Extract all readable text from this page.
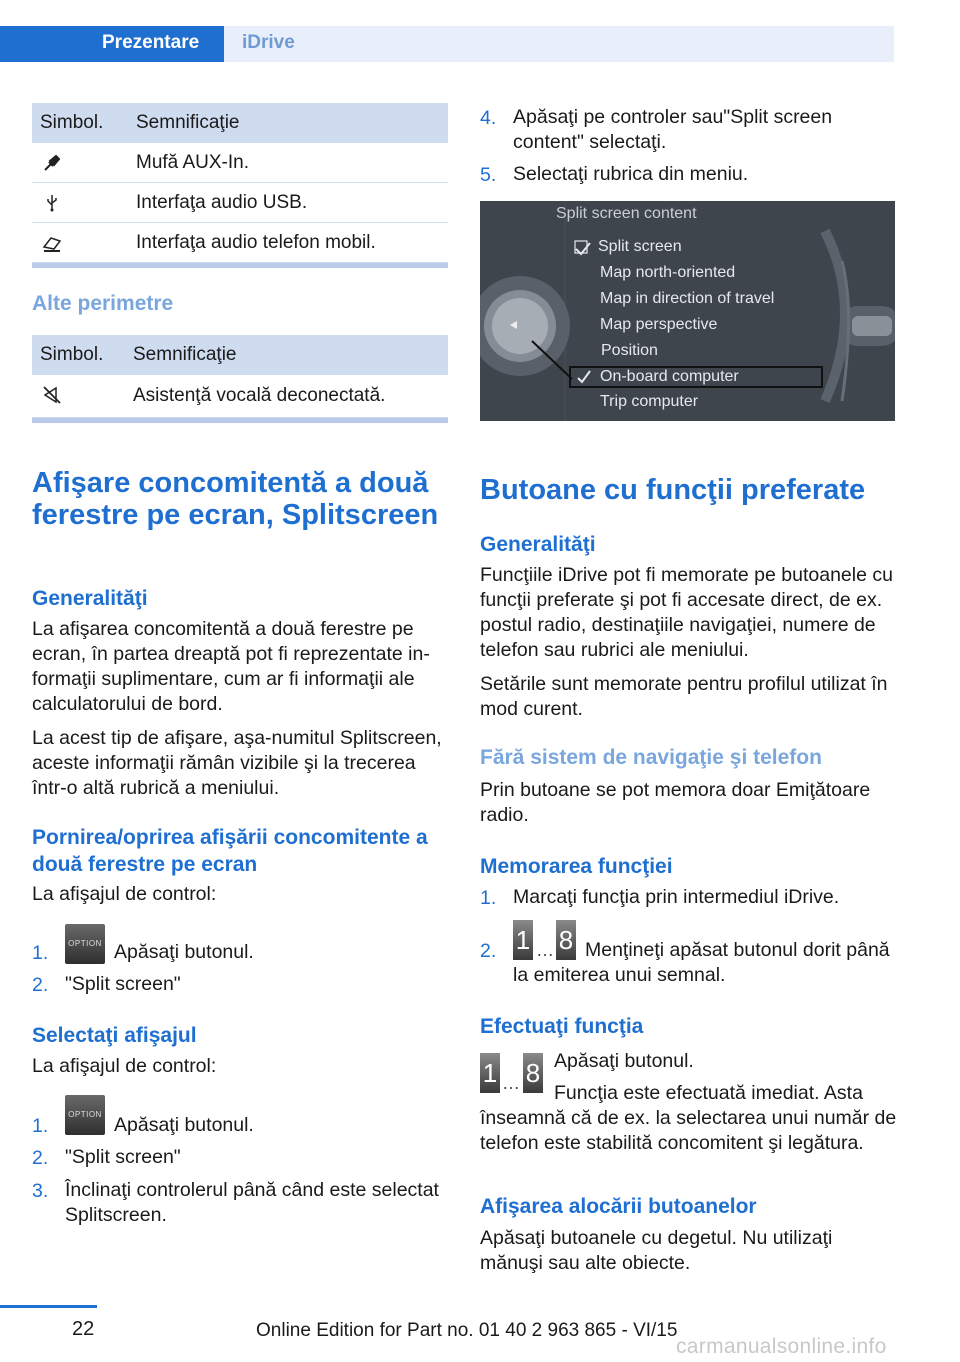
Prezentare iDrive
Simbol. Semnificaţie
Mufă AUX-In.
Interfaţa audio USB.
Interfaţa audio telefon mobil.
Alte perimetre
Simbol. Semnificaţie
Asistenţă vocală deconectată.
Afişare concomitentă a două ferestre pe ecran, Splitscreen
Generalităţi
La afişarea concomitentă a două ferestre pe ecran, în partea dreaptă pot fi reprezentate informaţii suplimentare, cum ar fi informaţii ale calculatorului de bord.
La acest tip de afişare, aşa-numitul Splitscreen, aceste informaţii rămân vizibile şi la trecerea într-o altă rubrică a meniului.
Pornirea/oprirea afişării concomitente a două ferestre pe ecran
La afişajul de control:
1.	OPTION Apăsaţi butonul.
2. "Split screen"
Selectaţi afişajul
La afişajul de control:
1.
OPTION Apăsaţi butonul.
2. "Split screen"
3. Înclinaţi controlerul până când este selectat Splitscreen.
4. Apăsaţi pe controler sau"Split screen content" selectaţi.
5. Selectaţi rubrica din meniu.
Split screen content
Split screen
Map north-oriented
Map in direction of travel
Map perspective
Position
On-board computer
Trip computer
Butoane cu funcţii preferate
Generalităţi
Funcţiile iDrive pot fi memorate pe butoanele cu funcţii preferate şi pot fi accesate direct, de ex. postul radio, destinaţiile navigaţiei, numere de telefon sau rubrici ale meniului.
Setările sunt memorate pentru profilul utilizat în mod curent.
Fără sistem de navigaţie şi telefon
Prin butoane se pot memora doar Emiţătoare radio.
Memorarea funcţiei
1. Marcaţi funcţia prin intermediul iDrive.
2. 1 … 8 Menţineţi apăsat butonul dorit până la emiterea unui semnal.
Efectuaţi funcţia
1 … 8 Apăsaţi butonul.
Funcţia este efectuată imediat. Asta înseamnă că de ex. la selectarea unui număr de telefon este stabilită concomitent şi legătura.
Afişarea alocării butoanelor
Apăsaţi butoanele cu degetul. Nu utilizaţi mănuşi sau alte obiecte.
22	Online Edition for Part no. 01 40 2 963 865 - VI/15
carmanualsonline.info
